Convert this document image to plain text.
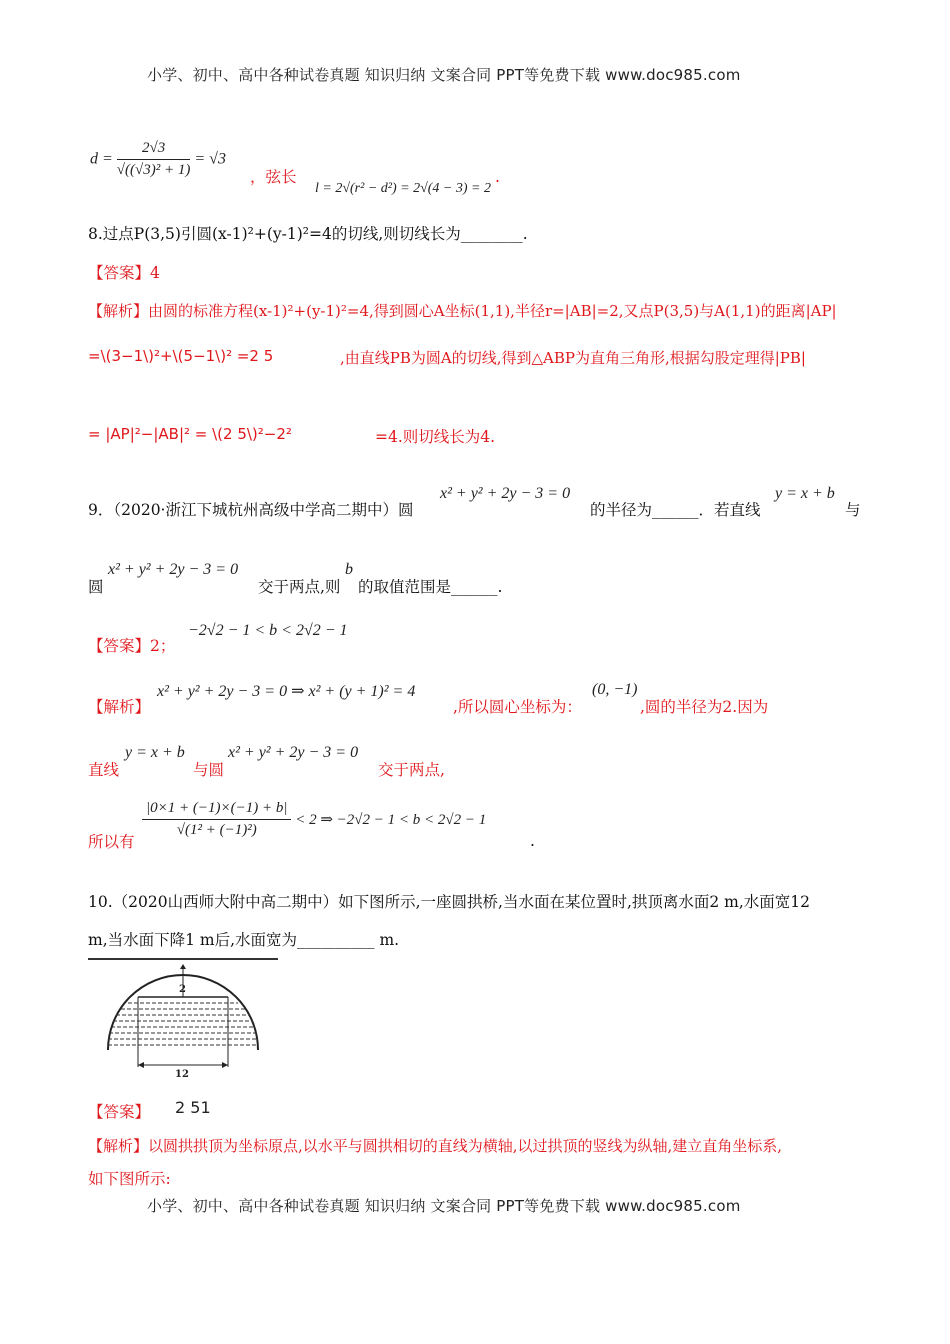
小学、初中、高中各种试卷真题 知识归纳 文案合同 PPT等免费下载 www.doc985.com
$d = \frac{2√3}{\text{√((√3)² + 1)}} = √3$
，弦长
l = 2√(r² − d²) = 2√(4 − 3) = 2
.
8.过点P(3,5)引圆(x-1)²+(y-1)²=4的切线,则切线长为________.
【答案】4
【解析】由圆的标准方程(x-1)²+(y-1)²=4,得到圆心A坐标(1,1),半径r=|AB|=2,又点P(3,5)与A(1,1)的距离|AP|
=\(3−1\)²+\(5−1\)² =2 5	,由直线PB为圆A的切线,得到△ABP为直角三角形,根据勾股定理得|PB|
= |AP|²−|AB|² = \(2 5\)²−2²	=4.则切线长为4.
9．（2020·浙江下城杭州高级中学高二期中）圆
x² + y² + 2y − 3 = 0
的半径为______．若直线
y = x + b
与
圆
x² + y² + 2y − 3 = 0
交于两点,则
b
的取值范围是______.
【答案】2；
−2√2 − 1 < b < 2√2 − 1
【解析】
x² + y² + 2y − 3 = 0 ⇒ x² + (y + 1)² = 4
,所以圆心坐标为：
(0, −1)
,圆的半径为2.因为
直线
y = x + b
与圆
x² + y² + 2y − 3 = 0
交于两点,
所以有
$\frac{|0\times 1 + (-1)\times(-1) + b|}{\text{√(1² + (−1)²)}} < 2$ ⇒ −2√2 − 1 < b < 2√2 − 1
.
10.（2020山西师大附中高二期中）如下图所示,一座圆拱桥,当水面在某位置时,拱顶离水面2 m,水面宽12
m,当水面下降1 m后,水面宽为__________ m.
2
12
【答案】 2 51
【解析】以圆拱拱顶为坐标原点,以水平与圆拱相切的直线为横轴,以过拱顶的竖线为纵轴,建立直角坐标系,
如下图所示:
小学、初中、高中各种试卷真题 知识归纳 文案合同 PPT等免费下载 www.doc985.com
